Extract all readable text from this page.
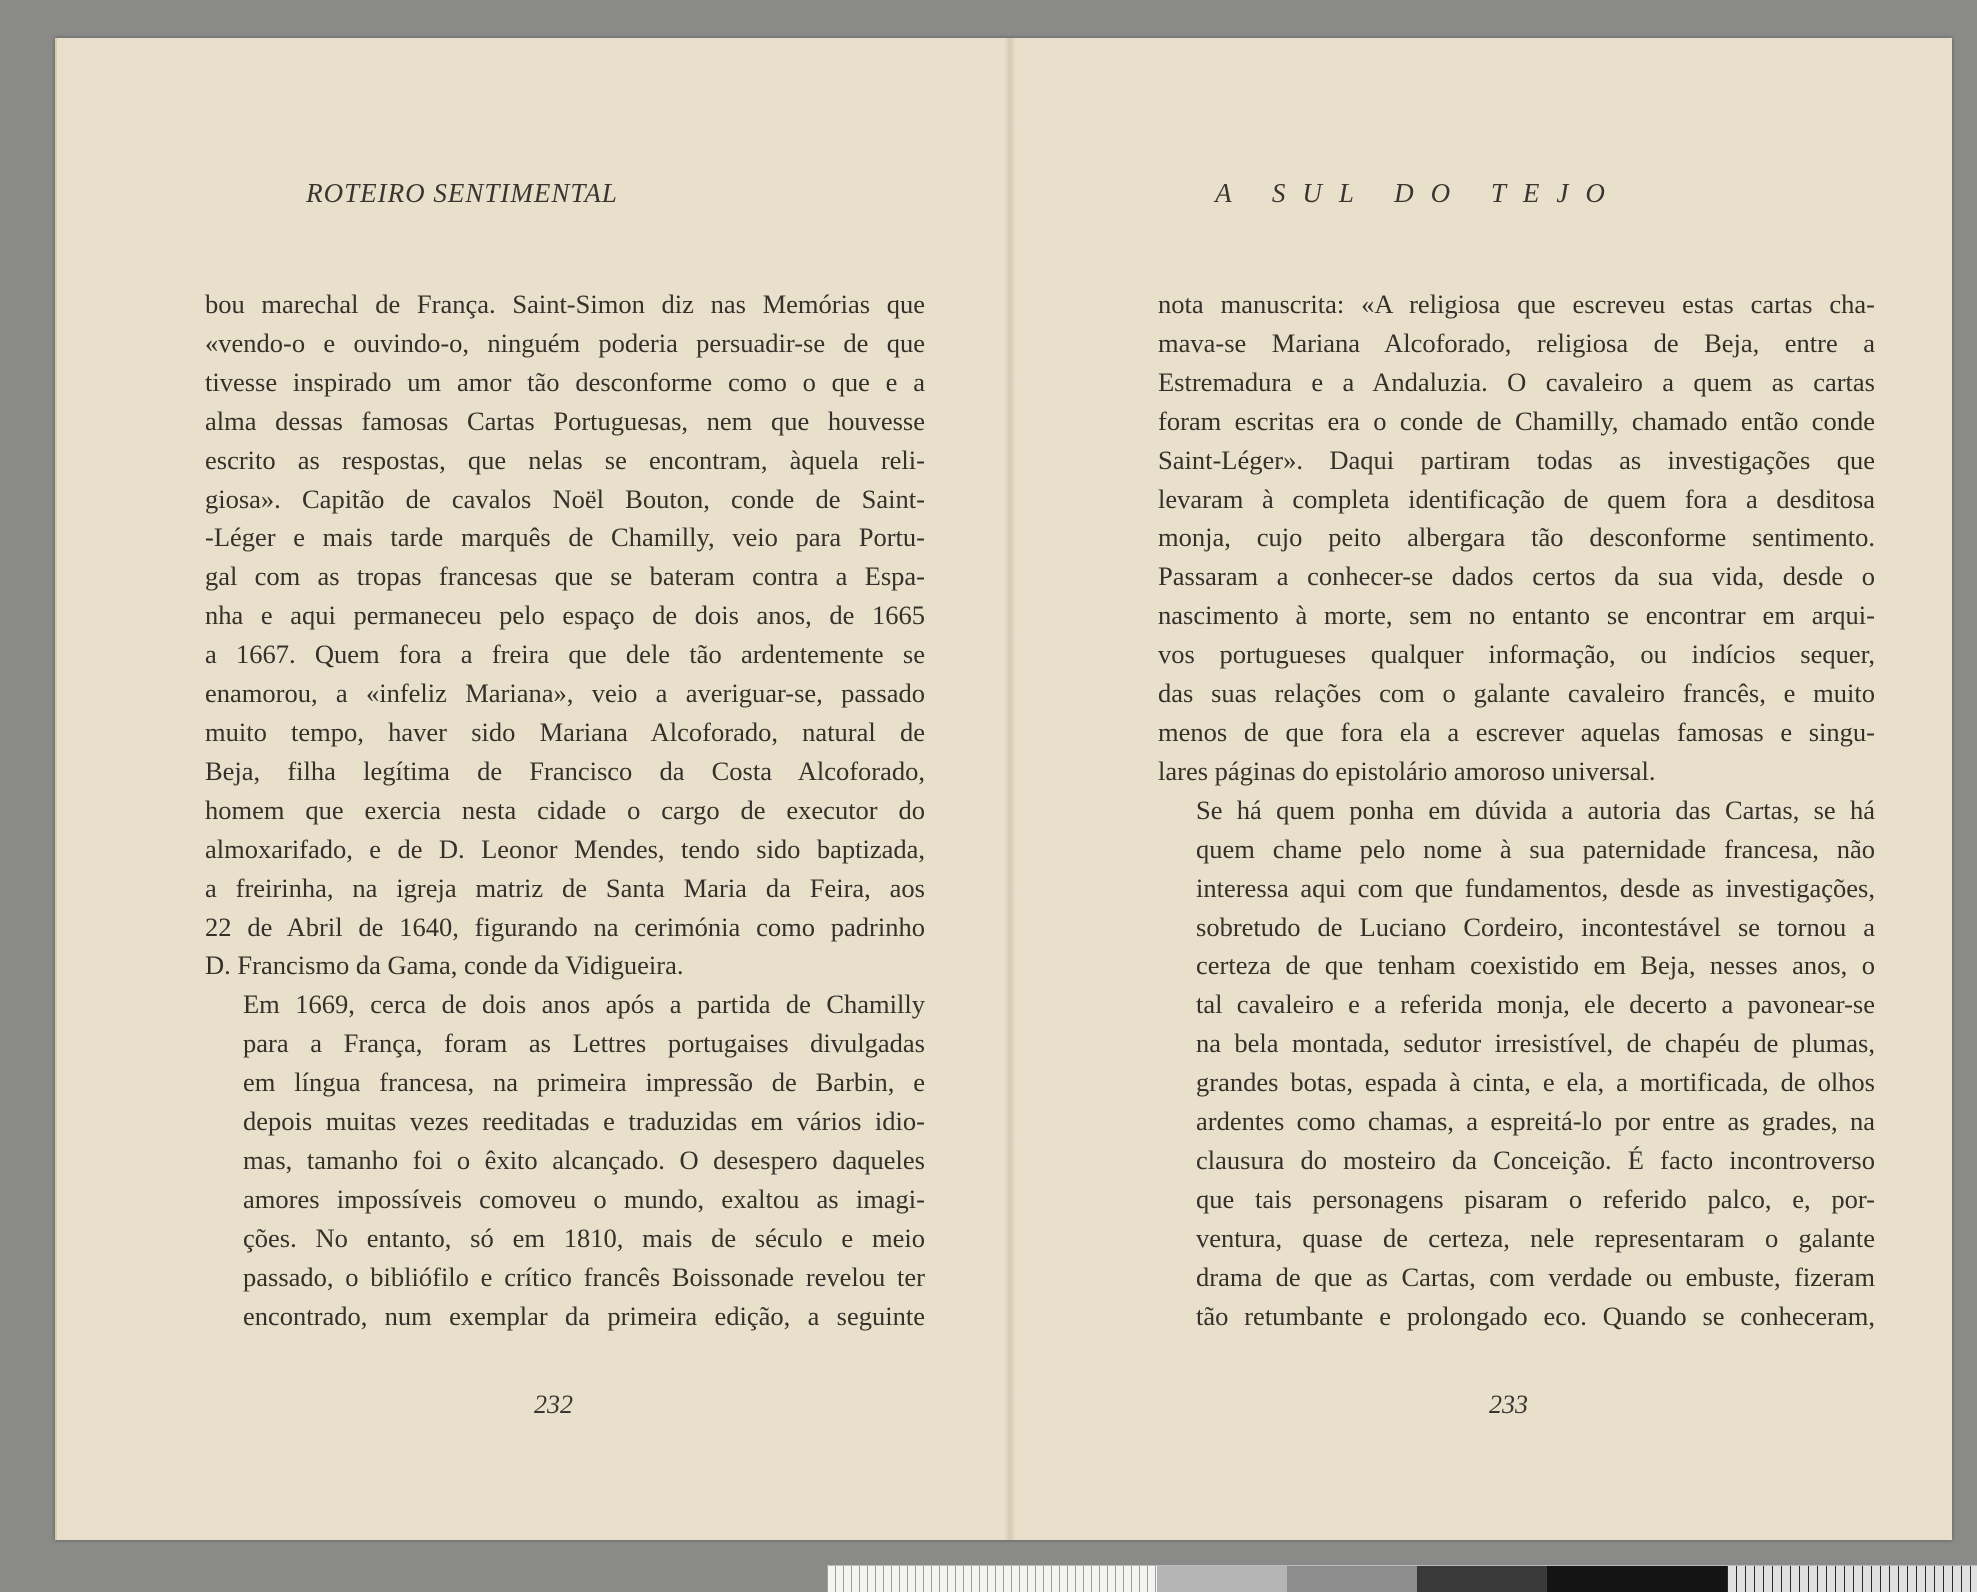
ROTEIRO SENTIMENTAL

bou marechal de França. Saint-Simon diz nas Memórias que
«vendo-o e ouvindo-o, ninguém poderia persuadir-se de que
tivesse inspirado um amor tão desconforme como o que e a
alma dessas famosas Cartas Portuguesas, nem que houvesse
escrito as respostas, que nelas se encontram, àquela reli-
giosa». Capitão de cavalos Noël Bouton, conde de Saint-
-Léger e mais tarde marquês de Chamilly, veio para Portu-
gal com as tropas francesas que se bateram contra a Espa-
nha e aqui permaneceu pelo espaço de dois anos, de 1665
a 1667. Quem fora a freira que dele tão ardentemente se
enamorou, a «infeliz Mariana», veio a averiguar-se, passado
muito tempo, haver sido Mariana Alcoforado, natural de
Beja, filha legítima de Francisco da Costa Alcoforado,
homem que exercia nesta cidade o cargo de executor do
almoxarifado, e de D. Leonor Mendes, tendo sido baptizada,
a freirinha, na igreja matriz de Santa Maria da Feira, aos
22 de Abril de 1640, figurando na cerimónia como padrinho
D. Francismo da Gama, conde da Vidigueira.

Em 1669, cerca de dois anos após a partida de Chamilly
para a França, foram as Lettres portugaises divulgadas
em língua francesa, na primeira impressão de Barbin, e
depois muitas vezes reeditadas e traduzidas em vários idio-
mas, tamanho foi o êxito alcançado. O desespero daqueles
amores impossíveis comoveu o mundo, exaltou as imagi-
ções. No entanto, só em 1810, mais de século e meio
passado, o bibliófilo e crítico francês Boissonade revelou ter
encontrado, num exemplar da primeira edição, a seguinte

232
A SUL DO TEJO

nota manuscrita: «A religiosa que escreveu estas cartas cha-
mava-se Mariana Alcoforado, religiosa de Beja, entre a
Estremadura e a Andaluzia. O cavaleiro a quem as cartas
foram escritas era o conde de Chamilly, chamado então conde
Saint-Léger». Daqui partiram todas as investigações que
levaram à completa identificação de quem fora a desditosa
monja, cujo peito albergara tão desconforme sentimento.
Passaram a conhecer-se dados certos da sua vida, desde o
nascimento à morte, sem no entanto se encontrar em arqui-
vos portugueses qualquer informação, ou indícios sequer,
das suas relações com o galante cavaleiro francês, e muito
menos de que fora ela a escrever aquelas famosas e singu-
lares páginas do epistolário amoroso universal.

Se há quem ponha em dúvida a autoria das Cartas, se há
quem chame pelo nome à sua paternidade francesa, não
interessa aqui com que fundamentos, desde as investigações,
sobretudo de Luciano Cordeiro, incontestável se tornou a
certeza de que tenham coexistido em Beja, nesses anos, o
tal cavaleiro e a referida monja, ele decerto a pavonear-se
na bela montada, sedutor irresistível, de chapéu de plumas,
grandes botas, espada à cinta, e ela, a mortificada, de olhos
ardentes como chamas, a espreitá-lo por entre as grades, na
clausura do mosteiro da Conceição. É facto incontroverso
que tais personagens pisaram o referido palco, e, por-
ventura, quase de certeza, nele representaram o galante
drama de que as Cartas, com verdade ou embuste, fizeram
tão retumbante e prolongado eco. Quando se conheceram,

233
